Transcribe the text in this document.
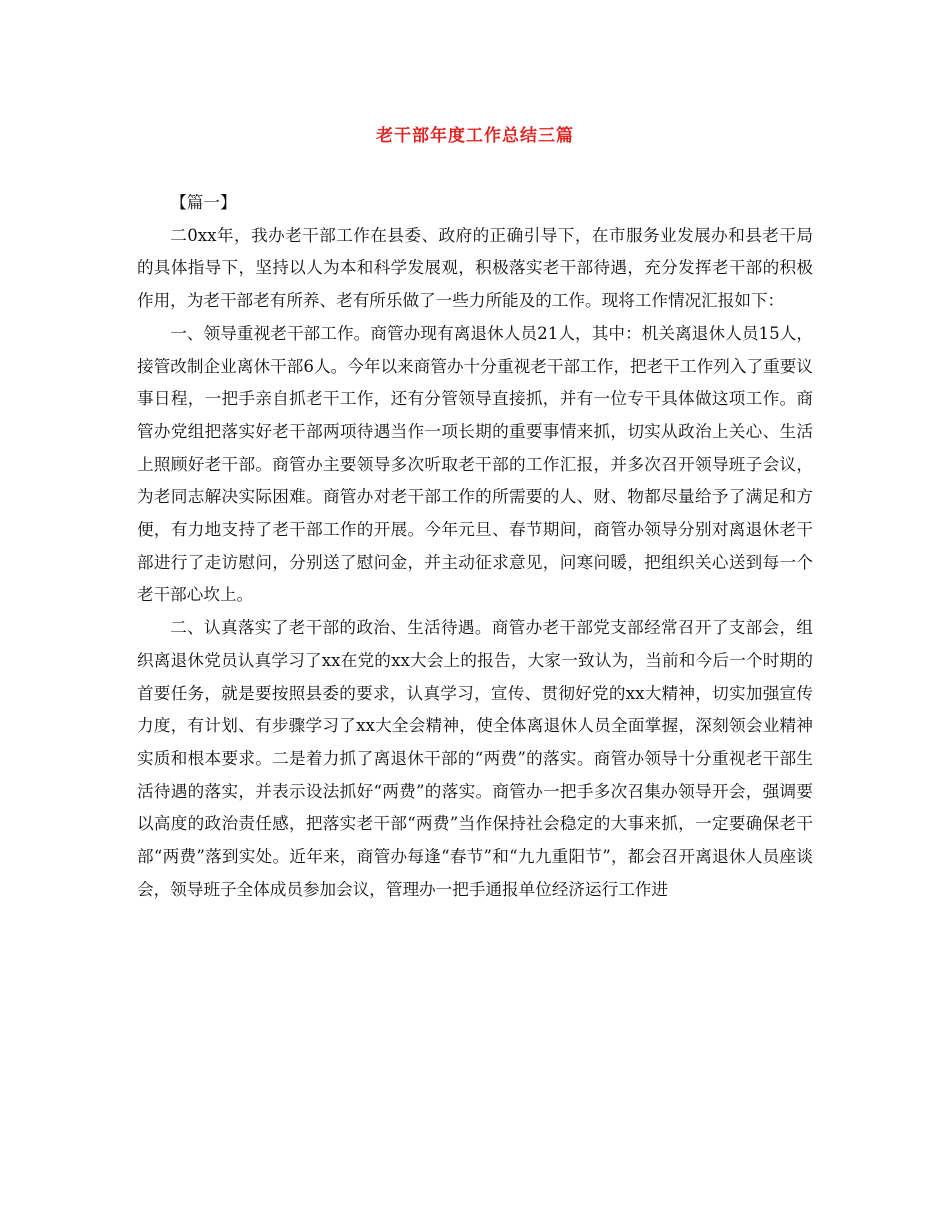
老干部年度工作总结三篇

【篇一】

二0xx年，我办老干部工作在县委、政府的正确引导下，在市服务业发展办和县老干局的具体指导下，坚持以人为本和科学发展观，积极落实老干部待遇，充分发挥老干部的积极作用，为老干部老有所养、老有所乐做了一些力所能及的工作。现将工作情况汇报如下：

一、领导重视老干部工作。商管办现有离退休人员21人，其中：机关离退休人员15人，接管改制企业离休干部6人。今年以来商管办十分重视老干部工作，把老干工作列入了重要议事日程，一把手亲自抓老干工作，还有分管领导直接抓，并有一位专干具体做这项工作。商管办党组把落实好老干部两项待遇当作一项长期的重要事情来抓，切实从政治上关心、生活上照顾好老干部。商管办主要领导多次听取老干部的工作汇报，并多次召开领导班子会议，为老同志解决实际困难。商管办对老干部工作的所需要的人、财、物都尽量给予了满足和方便，有力地支持了老干部工作的开展。今年元旦、春节期间，商管办领导分别对离退休老干部进行了走访慰问，分别送了慰问金，并主动征求意见，问寒问暖，把组织关心送到每一个老干部心坎上。

二、认真落实了老干部的政治、生活待遇。商管办老干部党支部经常召开了支部会，组织离退休党员认真学习了xx在党的xx大会上的报告，大家一致认为，当前和今后一个时期的首要任务，就是要按照县委的要求，认真学习，宣传、贯彻好党的xx大精神，切实加强宣传力度，有计划、有步骤学习了xx大全会精神，使全体离退休人员全面掌握，深刻领会业精神实质和根本要求。二是着力抓了离退休干部的“两费”的落实。商管办领导十分重视老干部生活待遇的落实，并表示设法抓好“两费”的落实。商管办一把手多次召集办领导开会，强调要以高度的政治责任感，把落实老干部“两费”当作保持社会稳定的大事来抓，一定要确保老干部“两费”落到实处。近年来，商管办每逢“春节”和“九九重阳节”，都会召开离退休人员座谈会，领导班子全体成员参加会议，管理办一把手通报单位经济运行工作进
